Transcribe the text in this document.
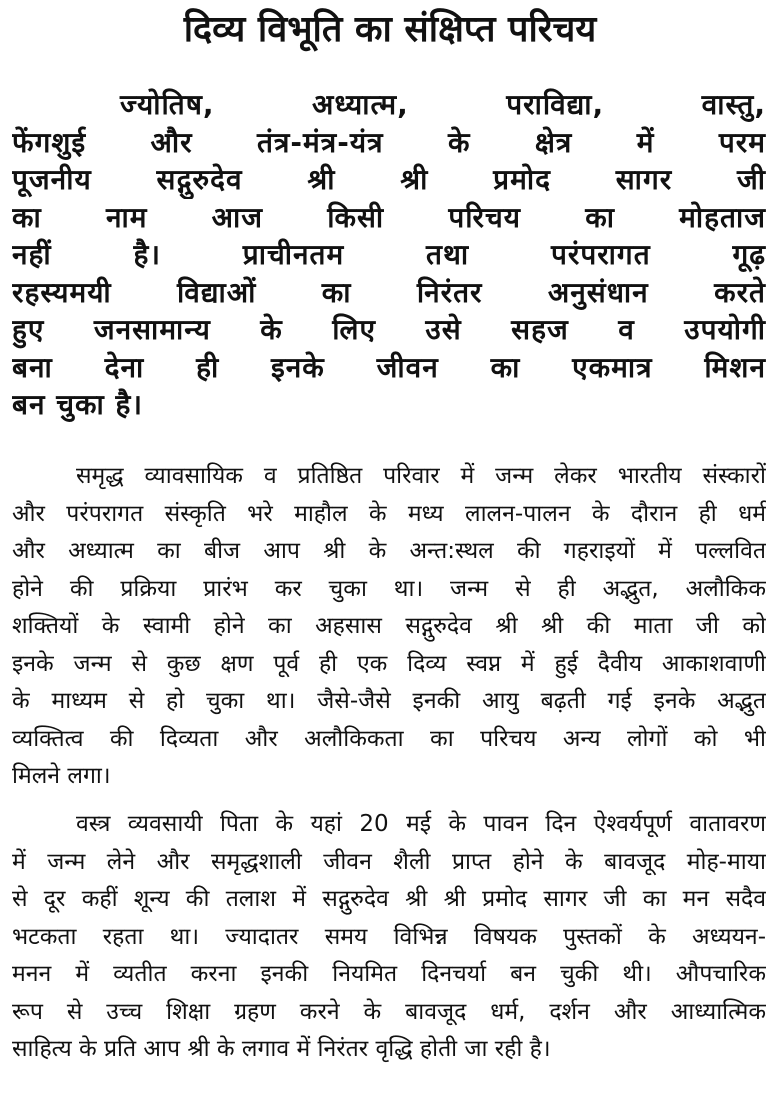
दिव्य विभूति का संक्षिप्त परिचय
ज्योतिष, अध्यात्म, पराविद्या, वास्तु,
फेंगशुई और तंत्र-मंत्र-यंत्र के क्षेत्र में परम
पूजनीय सद्गुरुदेव श्री श्री प्रमोद सागर जी
का नाम आज किसी परिचय का मोहताज
नहीं है। प्राचीनतम तथा परंपरागत गूढ़
रहस्यमयी विद्याओं का निरंतर अनुसंधान करते
हुए जनसामान्य के लिए उसे सहज व उपयोगी
बना देना ही इनके जीवन का एकमात्र मिशन
बन चुका है।
समृद्ध व्यावसायिक व प्रतिष्ठित परिवार में जन्म लेकर भारतीय संस्कारों
और परंपरागत संस्कृति भरे माहौल के मध्य लालन-पालन के दौरान ही धर्म
और अध्यात्म का बीज आप श्री के अन्त:स्थल की गहराइयों में पल्लवित
होने की प्रक्रिया प्रारंभ कर चुका था। जन्म से ही अद्भुत, अलौकिक
शक्तियों के स्वामी होने का अहसास सद्गुरुदेव श्री श्री की माता जी को
इनके जन्म से कुछ क्षण पूर्व ही एक दिव्य स्वप्न में हुई दैवीय आकाशवाणी
के माध्यम से हो चुका था। जैसे-जैसे इनकी आयु बढ़ती गई इनके अद्भुत
व्यक्तित्व की दिव्यता और अलौकिकता का परिचय अन्य लोगों को भी
मिलने लगा।
वस्त्र व्यवसायी पिता के यहां 20 मई के पावन दिन ऐश्वर्यपूर्ण वातावरण
में जन्म लेने और समृद्धशाली जीवन शैली प्राप्त होने के बावजूद मोह-माया
से दूर कहीं शून्य की तलाश में सद्गुरुदेव श्री श्री प्रमोद सागर जी का मन सदैव
भटकता रहता था। ज्यादातर समय विभिन्न विषयक पुस्तकों के अध्ययन-
मनन में व्यतीत करना इनकी नियमित दिनचर्या बन चुकी थी। औपचारिक
रूप से उच्च शिक्षा ग्रहण करने के बावजूद धर्म, दर्शन और आध्यात्मिक
साहित्य के प्रति आप श्री के लगाव में निरंतर वृद्धि होती जा रही है।
